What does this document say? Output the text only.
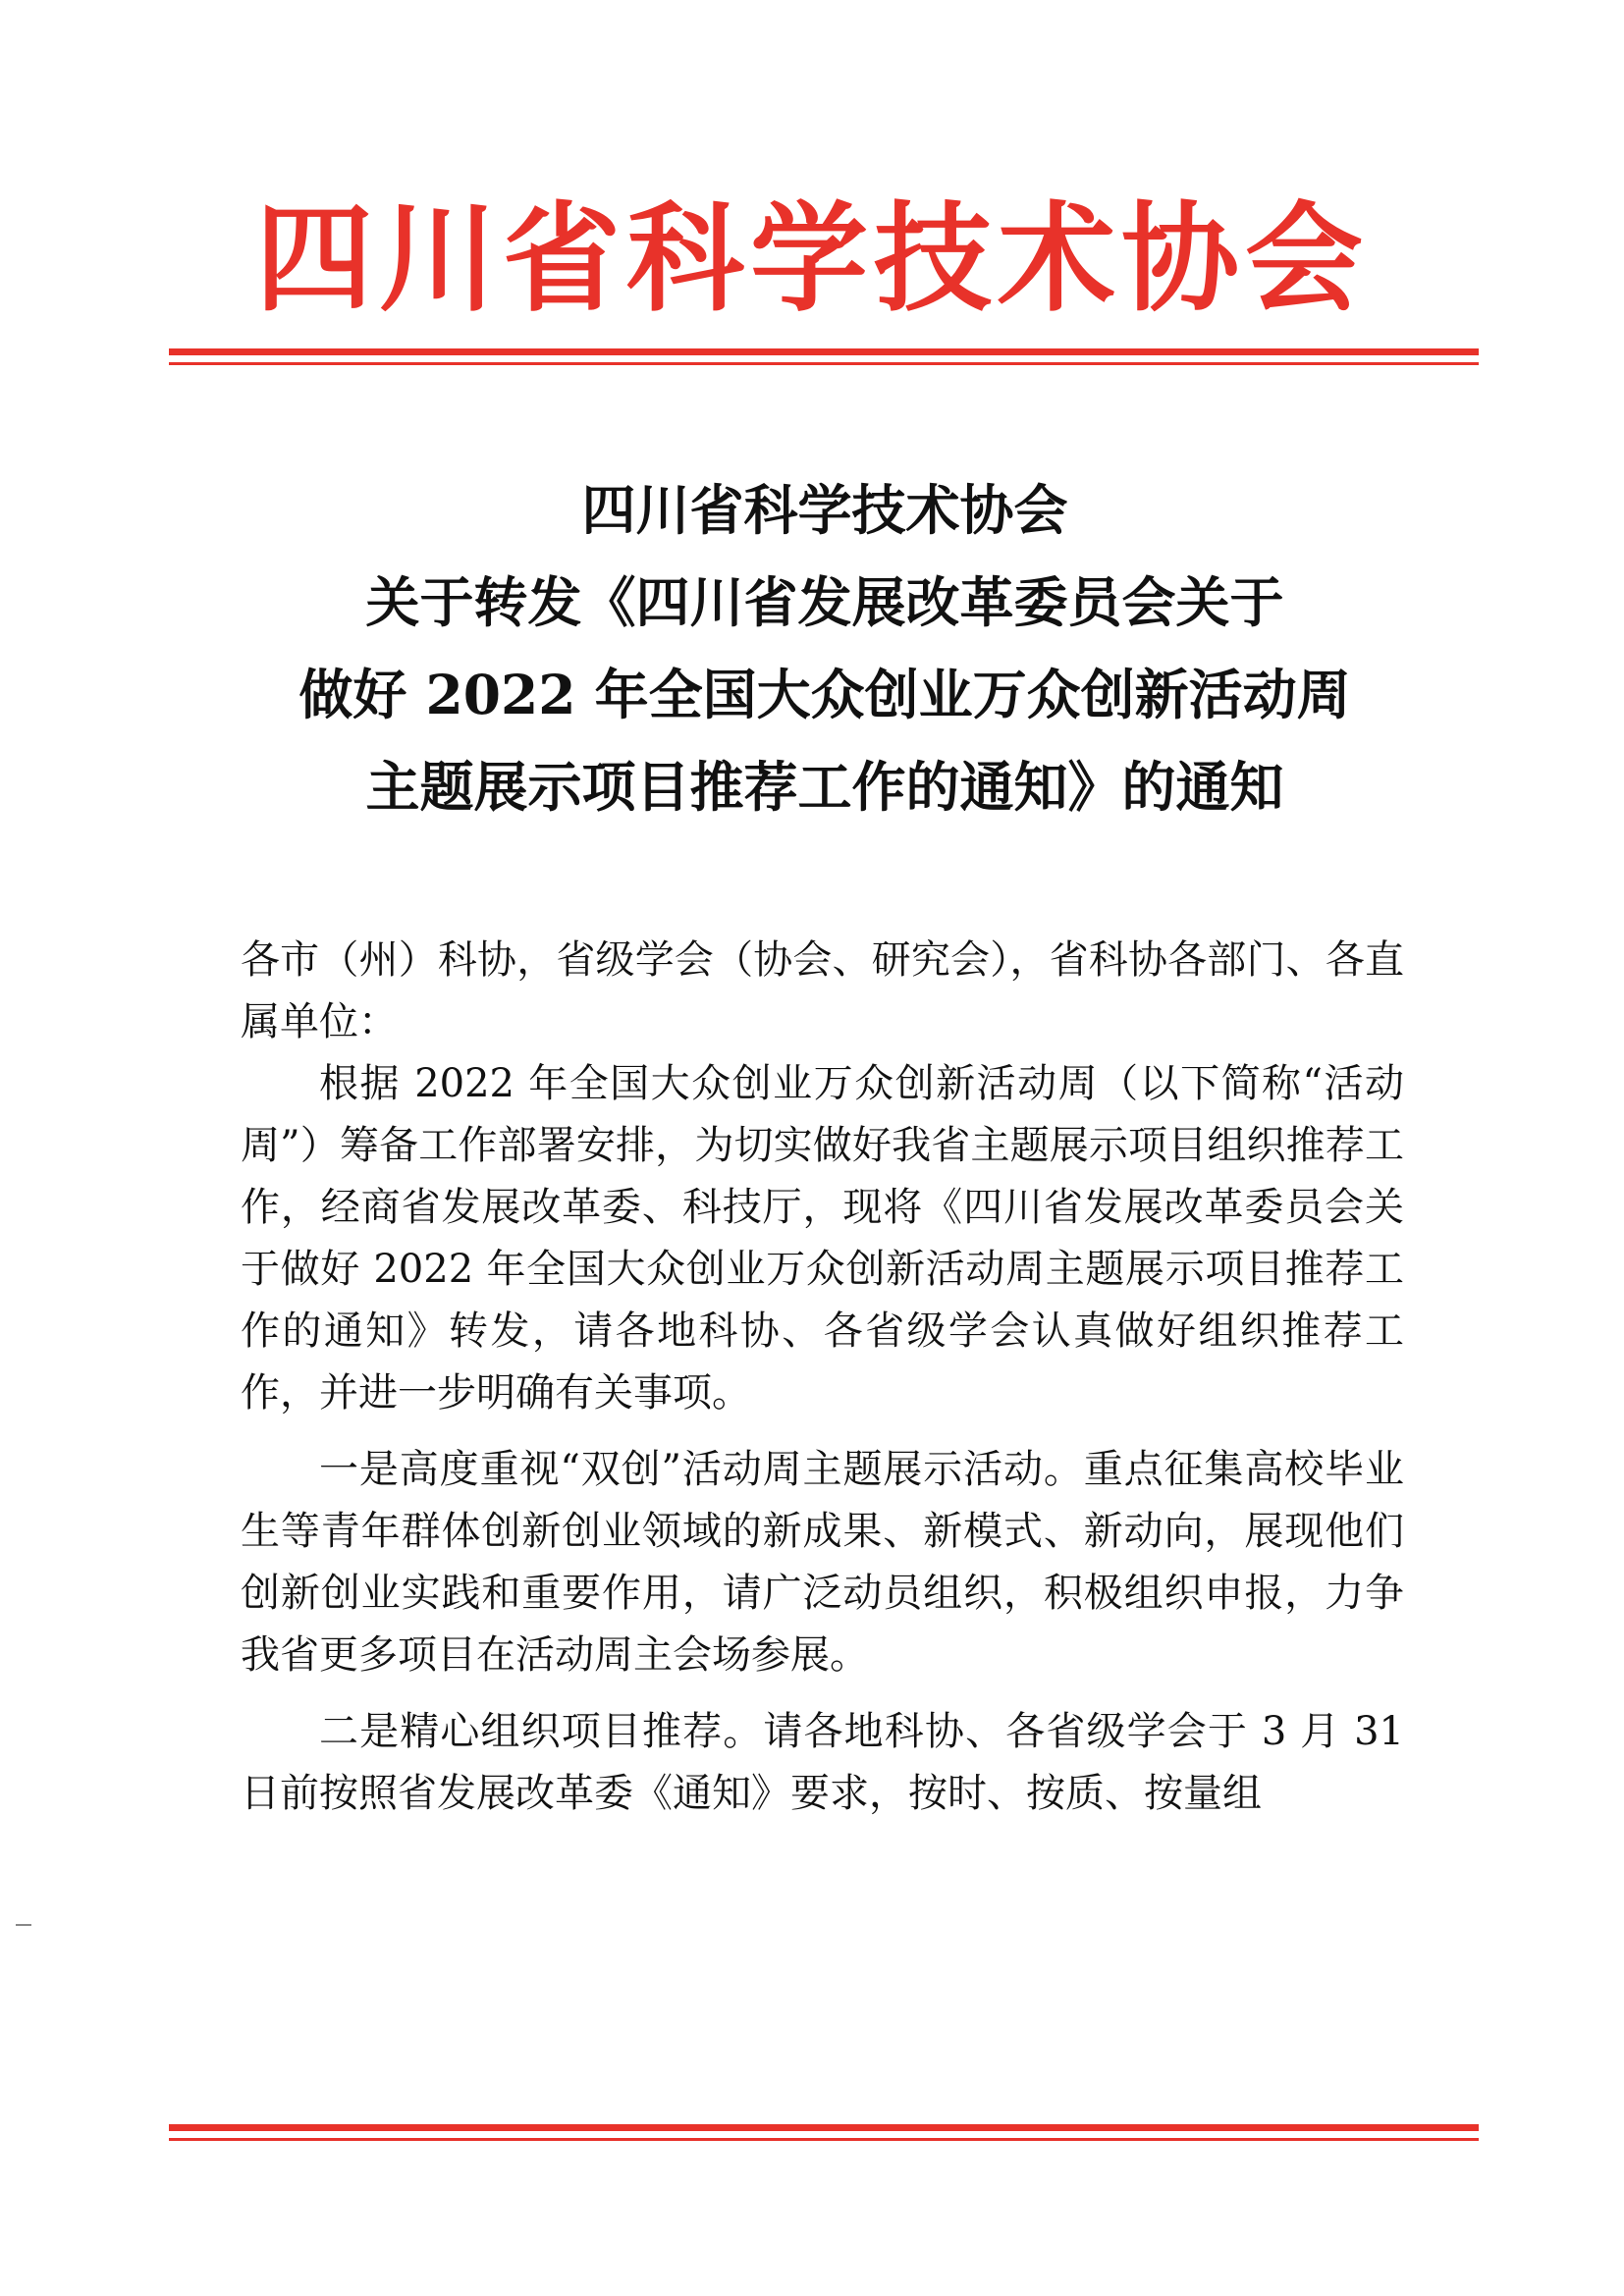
四川省科学技术协会
四川省科学技术协会
关于转发《四川省发展改革委员会关于
做好 2022 年全国大众创业万众创新活动周
主题展示项目推荐工作的通知》的通知

各市（州）科协，省级学会（协会、研究会），省科协各部门、各直属单位：

根据 2022 年全国大众创业万众创新活动周（以下简称“活动周”）筹备工作部署安排，为切实做好我省主题展示项目组织推荐工作，经商省发展改革委、科技厅，现将《四川省发展改革委员会关于做好 2022 年全国大众创业万众创新活动周主题展示项目推荐工作的通知》转发，请各地科协、各省级学会认真做好组织推荐工作，并进一步明确有关事项。

一是高度重视“双创”活动周主题展示活动。重点征集高校毕业生等青年群体创新创业领域的新成果、新模式、新动向，展现他们创新创业实践和重要作用，请广泛动员组织，积极组织申报，力争我省更多项目在活动周主会场参展。

二是精心组织项目推荐。请各地科协、各省级学会于 3 月 31 日前按照省发展改革委《通知》要求，按时、按质、按量组
